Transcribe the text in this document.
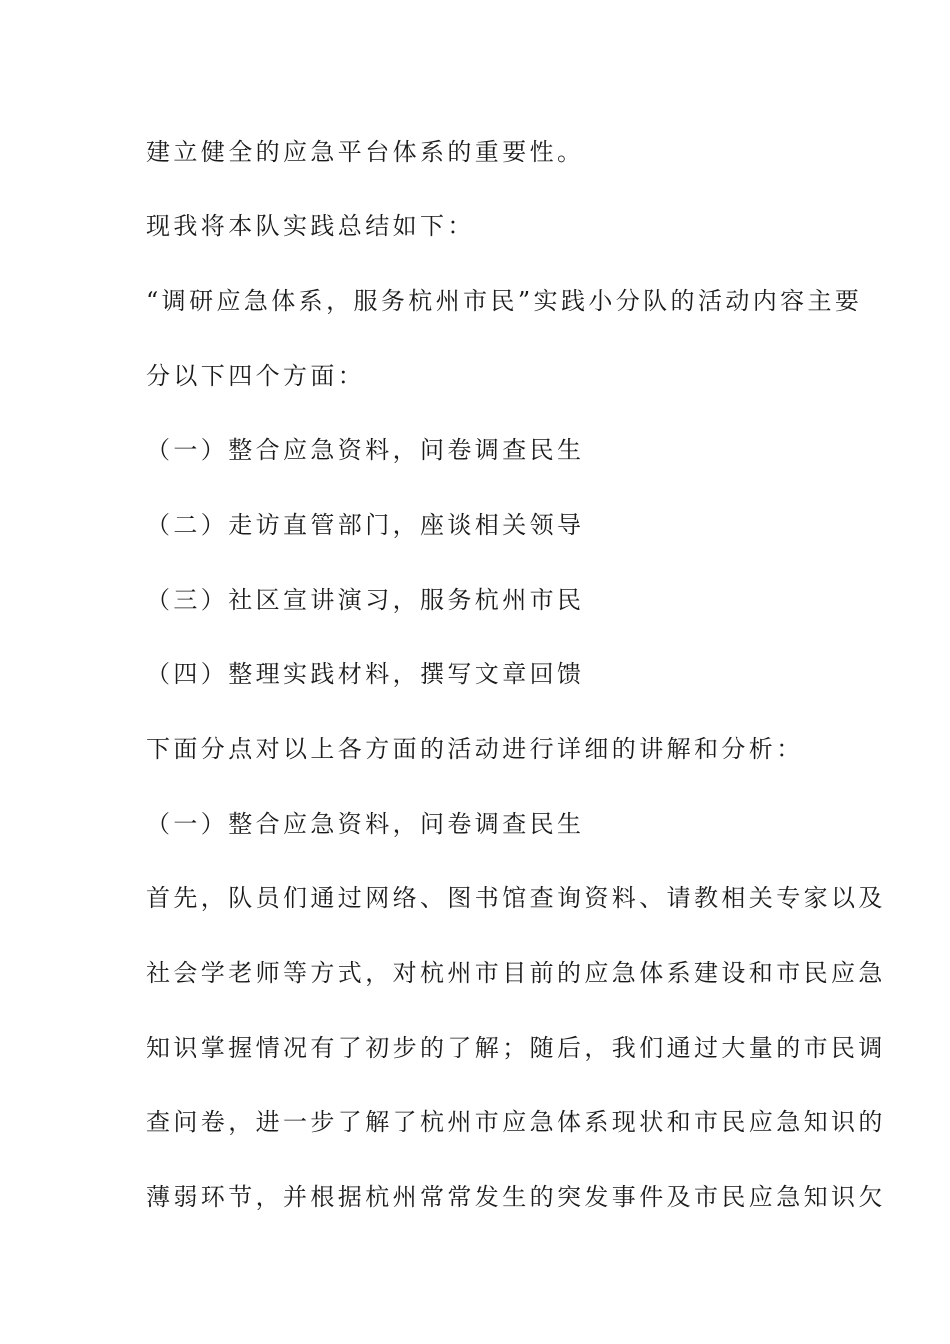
建立健全的应急平台体系的重要性。
现我将本队实践总结如下：
“调研应急体系，服务杭州市民”实践小分队的活动内容主要
分以下四个方面：
（一）整合应急资料，问卷调查民生
（二）走访直管部门，座谈相关领导
（三）社区宣讲演习，服务杭州市民
（四）整理实践材料，撰写文章回馈
下面分点对以上各方面的活动进行详细的讲解和分析：
（一）整合应急资料，问卷调查民生
首先，队员们通过网络、图书馆查询资料、请教相关专家以及
社会学老师等方式，对杭州市目前的应急体系建设和市民应急
知识掌握情况有了初步的了解；随后，我们通过大量的市民调
查问卷，进一步了解了杭州市应急体系现状和市民应急知识的
薄弱环节，并根据杭州常常发生的突发事件及市民应急知识欠
